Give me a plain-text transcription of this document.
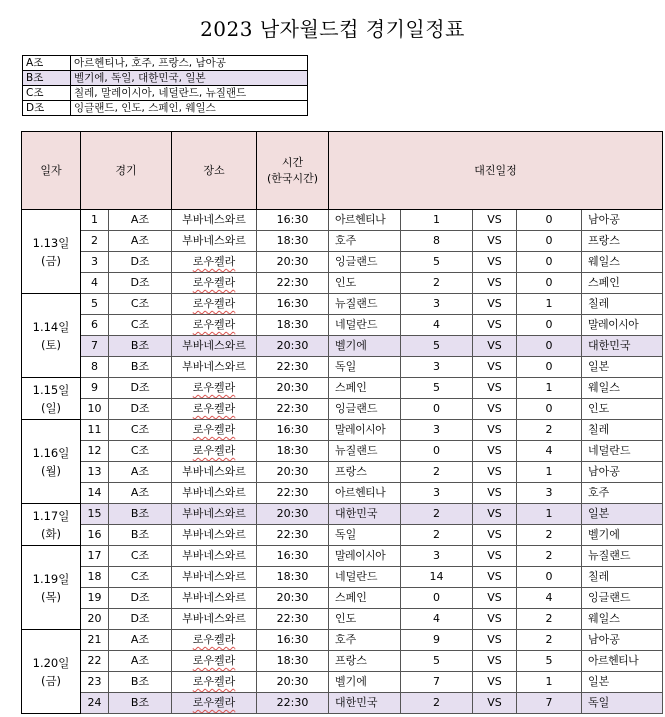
2023 남자월드컵 경기일정표
A조	아르헨티나, 호주, 프랑스, 남아공
B조	벨기에, 독일, 대한민국, 일본
C조	칠레, 말레이시아, 네덜란드, 뉴질랜드
D조	잉글랜드, 인도, 스페인, 웨일스
일자	경기		장소	시간
(한국시간)	대진일정				

1.13일
(금)	1	A조	부바네스와르	16:30	아르헨티나	1	VS	0	남아공
	2	A조	부바네스와르	18:30	호주	8	VS	0	프랑스
	3	D조	로우켈라	20:30	잉글랜드	5	VS	0	웨일스
	4	D조	로우켈라	22:30	인도	2	VS	0	스페인

1.14일
(토)	5	C조	로우켈라	16:30	뉴질랜드	3	VS	1	칠레
	6	C조	로우켈라	18:30	네덜란드	4	VS	0	말레이시아
	7	B조	부바네스와르	20:30	벨기에	5	VS	0	대한민국
	8	B조	부바네스와르	22:30	독일	3	VS	0	일본

1.15일
(일)	9	D조	로우켈라	20:30	스페인	5	VS	1	웨일스
	10	D조	로우켈라	22:30	잉글랜드	0	VS	0	인도

1.16일
(월)	11	C조	로우켈라	16:30	말레이시아	3	VS	2	칠레
	12	C조	로우켈라	18:30	뉴질랜드	0	VS	4	네덜란드
	13	A조	부바네스와르	20:30	프랑스	2	VS	1	남아공
	14	A조	부바네스와르	22:30	아르헨티나	3	VS	3	호주

1.17일
(화)	15	B조	부바네스와르	20:30	대한민국	2	VS	1	일본
	16	B조	부바네스와르	22:30	독일	2	VS	2	벨기에

1.19일
(목)	17	C조	부바네스와르	16:30	말레이시아	3	VS	2	뉴질랜드
	18	C조	부바네스와르	18:30	네덜란드	14	VS	0	칠레
	19	D조	부바네스와르	20:30	스페인	0	VS	4	잉글랜드
	20	D조	부바네스와르	22:30	인도	4	VS	2	웨일스

1.20일
(금)	21	A조	로우켈라	16:30	호주	9	VS	2	남아공
	22	A조	로우켈라	18:30	프랑스	5	VS	5	아르헨티나
	23	B조	로우켈라	20:30	벨기에	7	VS	1	일본
	24	B조	로우켈라	22:30	대한민국	2	VS	7	독일
